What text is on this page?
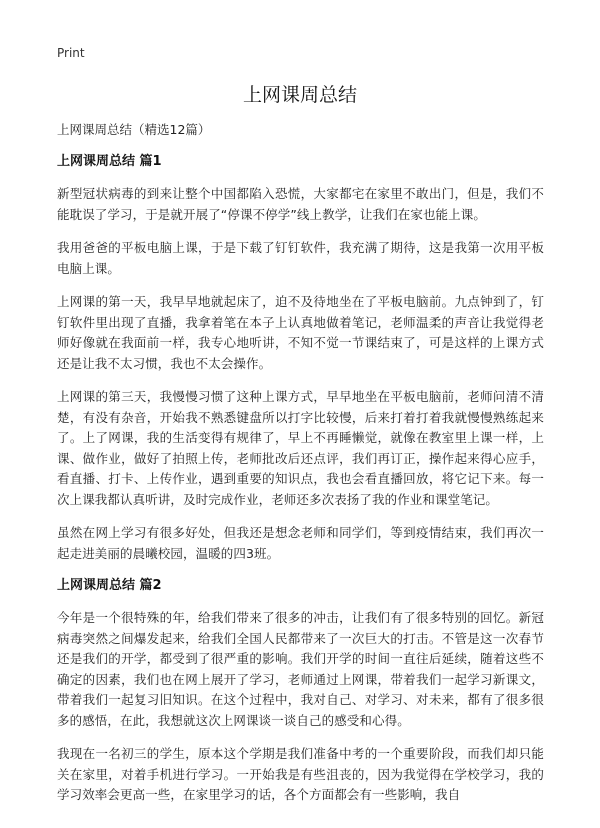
Print
上网课周总结

上网课周总结（精选12篇）

上网课周总结 篇1

新型冠状病毒的到来让整个中国都陷入恐慌，大家都宅在家里不敢出门，但是，我们不能耽误了学习，于是就开展了“停课不停学”线上教学，让我们在家也能上课。

我用爸爸的平板电脑上课，于是下载了钉钉软件，我充满了期待，这是我第一次用平板电脑上课。

上网课的第一天，我早早地就起床了，迫不及待地坐在了平板电脑前。九点钟到了，钉钉软件里出现了直播，我拿着笔在本子上认真地做着笔记，老师温柔的声音让我觉得老师好像就在我面前一样，我专心地听讲，不知不觉一节课结束了，可是这样的上课方式还是让我不太习惯，我也不太会操作。

上网课的第三天，我慢慢习惯了这种上课方式，早早地坐在平板电脑前，老师问清不清楚，有没有杂音，开始我不熟悉键盘所以打字比较慢，后来打着打着我就慢慢熟练起来了。上了网课，我的生活变得有规律了，早上不再睡懒觉，就像在教室里上课一样，上课、做作业，做好了拍照上传，老师批改后还点评，我们再订正，操作起来得心应手，看直播、打卡、上传作业，遇到重要的知识点，我也会看直播回放，将它记下来。每一次上课我都认真听讲，及时完成作业，老师还多次表扬了我的作业和课堂笔记。

虽然在网上学习有很多好处，但我还是想念老师和同学们，等到疫情结束，我们再次一起走进美丽的晨曦校园，温暖的四3班。

上网课周总结 篇2

今年是一个很特殊的年，给我们带来了很多的冲击，让我们有了很多特别的回忆。新冠病毒突然之间爆发起来，给我们全国人民都带来了一次巨大的打击。不管是这一次春节还是我们的开学，都受到了很严重的影响。我们开学的时间一直往后延续，随着这些不确定的因素，我们也在网上展开了学习，老师通过上网课，带着我们一起学习新课文，带着我们一起复习旧知识。在这个过程中，我对自己、对学习、对未来，都有了很多很多的感悟，在此，我想就这次上网课谈一谈自己的感受和心得。

我现在一名初三的学生，原本这个学期是我们准备中考的一个重要阶段，而我们却只能关在家里，对着手机进行学习。一开始我是有些沮丧的，因为我觉得在学校学习，我的学习效率会更高一些，在家里学习的话，各个方面都会有一些影响，我自
